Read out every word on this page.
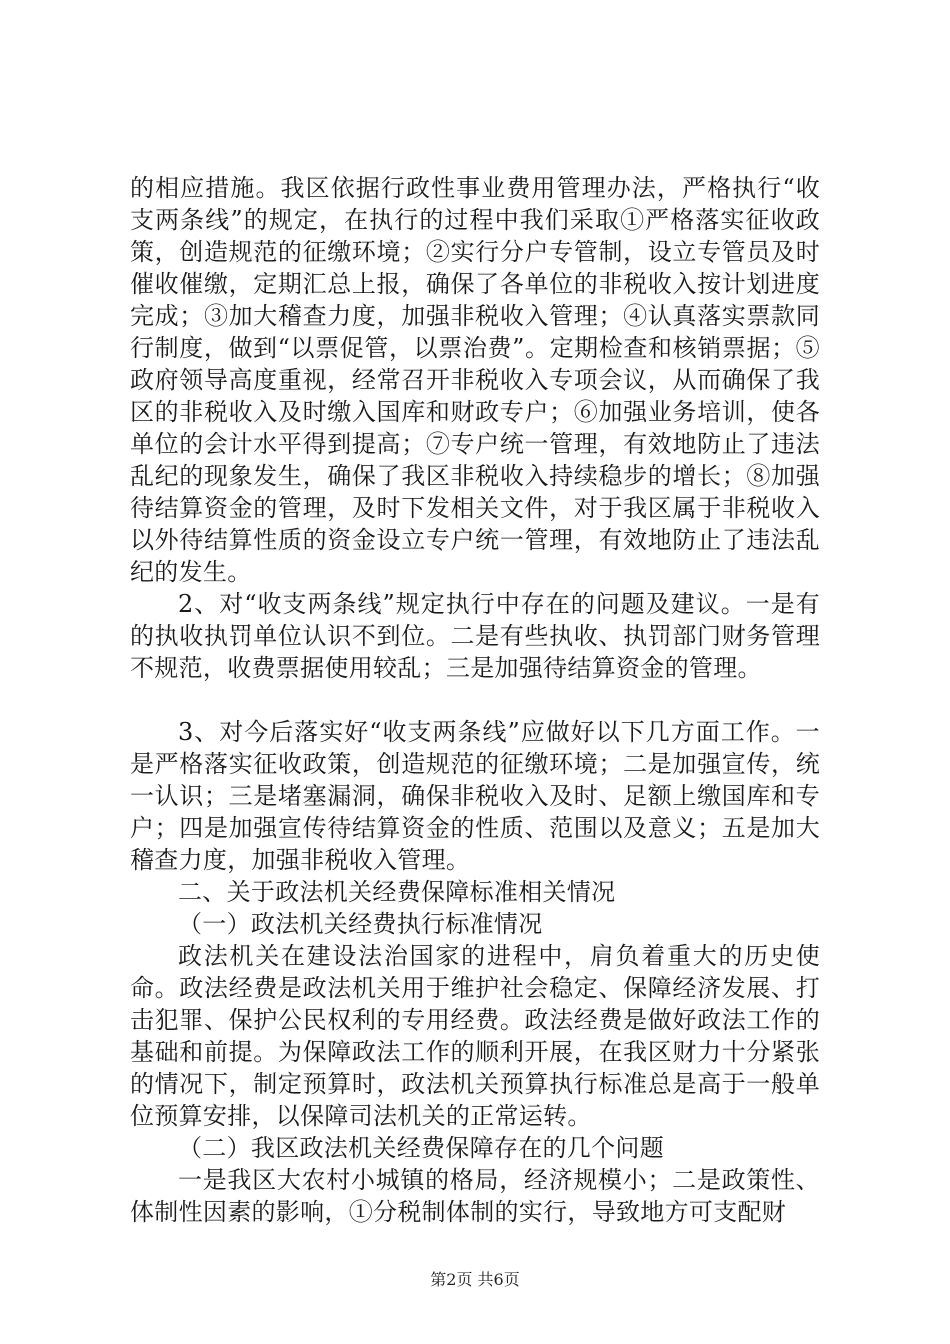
的相应措施。我区依据行政性事业费用管理办法，严格执行“收支两条线”的规定，在执行的过程中我们采取①严格落实征收政策，创造规范的征缴环境；②实行分户专管制，设立专管员及时催收催缴，定期汇总上报，确保了各单位的非税收入按计划进度完成；③加大稽查力度，加强非税收入管理；④认真落实票款同行制度，做到“以票促管，以票治费”。定期检查和核销票据；⑤政府领导高度重视，经常召开非税收入专项会议，从而确保了我区的非税收入及时缴入国库和财政专户；⑥加强业务培训，使各单位的会计水平得到提高；⑦专户统一管理，有效地防止了违法乱纪的现象发生，确保了我区非税收入持续稳步的增长；⑧加强待结算资金的管理，及时下发相关文件，对于我区属于非税收入以外待结算性质的资金设立专户统一管理，有效地防止了违法乱纪的发生。

2、对“收支两条线”规定执行中存在的问题及建议。一是有的执收执罚单位认识不到位。二是有些执收、执罚部门财务管理不规范，收费票据使用较乱；三是加强待结算资金的管理。

3、对今后落实好“收支两条线”应做好以下几方面工作。一是严格落实征收政策，创造规范的征缴环境；二是加强宣传，统一认识；三是堵塞漏洞，确保非税收入及时、足额上缴国库和专户；四是加强宣传待结算资金的性质、范围以及意义；五是加大稽查力度，加强非税收入管理。

二、关于政法机关经费保障标准相关情况

（一）政法机关经费执行标准情况

政法机关在建设法治国家的进程中，肩负着重大的历史使命。政法经费是政法机关用于维护社会稳定、保障经济发展、打击犯罪、保护公民权利的专用经费。政法经费是做好政法工作的基础和前提。为保障政法工作的顺利开展，在我区财力十分紧张的情况下，制定预算时，政法机关预算执行标准总是高于一般单位预算安排，以保障司法机关的正常运转。

（二）我区政法机关经费保障存在的几个问题

一是我区大农村小城镇的格局，经济规模小；二是政策性、体制性因素的影响，①分税制体制的实行，导致地方可支配财

第2页 共6页
